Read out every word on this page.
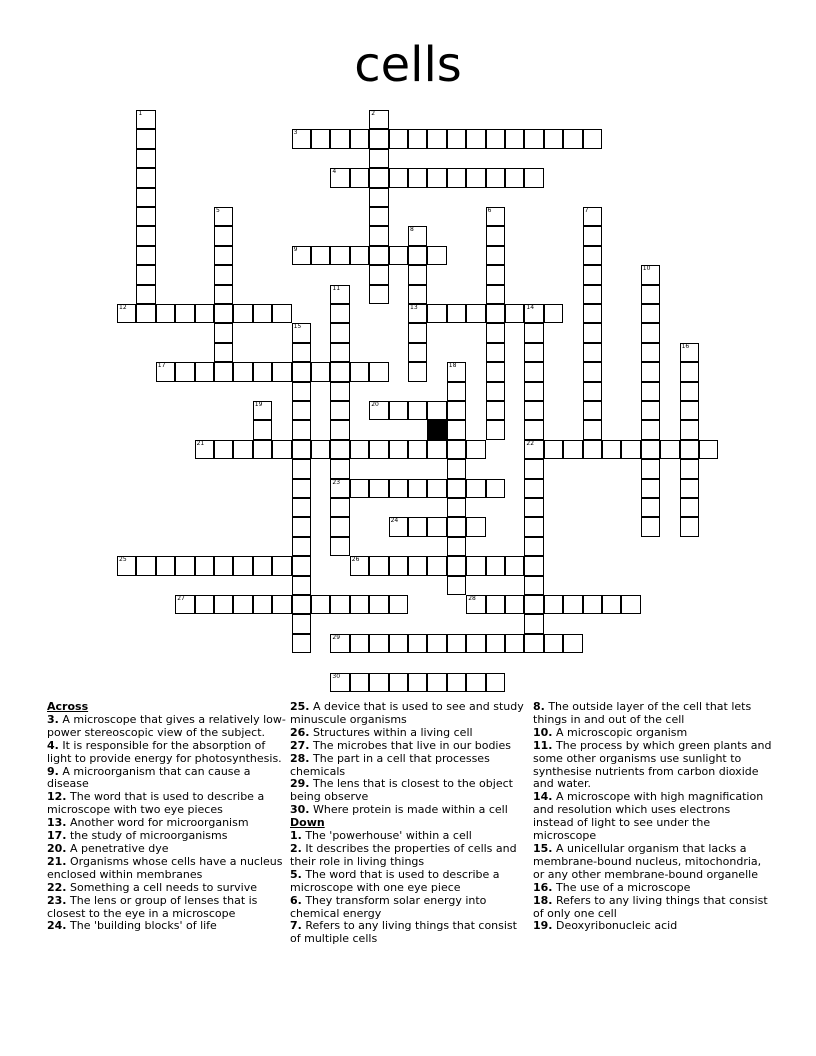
cells
1	2
3
4
5	6	7
8
13
9
10
11
23
12	14
22
15
16
17	18
19	20
21
24
25	26
27	28
29
30
Across
3. A microscope that gives a relatively low-power stereoscopic view of the subject.
4. It is responsible for the absorption of light to provide energy for photosynthesis.
9. A microorganism that can cause a disease
12. The word that is used to describe a microscope with two eye pieces
13. Another word for microorganism
17. the study of microorganisms
20. A penetrative dye
21. Organisms whose cells have a nucleus enclosed within membranes
22. Something a cell needs to survive
23. The lens or group of lenses that is closest to the eye in a microscope
24. The 'building blocks' of life
25. A device that is used to see and study minuscule organisms
26. Structures within a living cell
27. The microbes that live in our bodies
28. The part in a cell that processes chemicals
29. The lens that is closest to the object being observe
30. Where protein is made within a cell
Down
1. The 'powerhouse' within a cell
2. It describes the properties of cells and their role in living things
5. The word that is used to describe a microscope with one eye piece
6. They transform solar energy into chemical energy
7. Refers to any living things that consist of multiple cells
8. The outside layer of the cell that lets things in and out of the cell
10. A microscopic organism
11. The process by which green plants and some other organisms use sunlight to synthesise nutrients from carbon dioxide and water.
14. A microscope with high magnification and resolution which uses electrons instead of light to see under the microscope
15. A unicellular organism that lacks a membrane-bound nucleus, mitochondria, or any other membrane-bound organelle
16. The use of a microscope
18. Refers to any living things that consist of only one cell
19. Deoxyribonucleic acid
